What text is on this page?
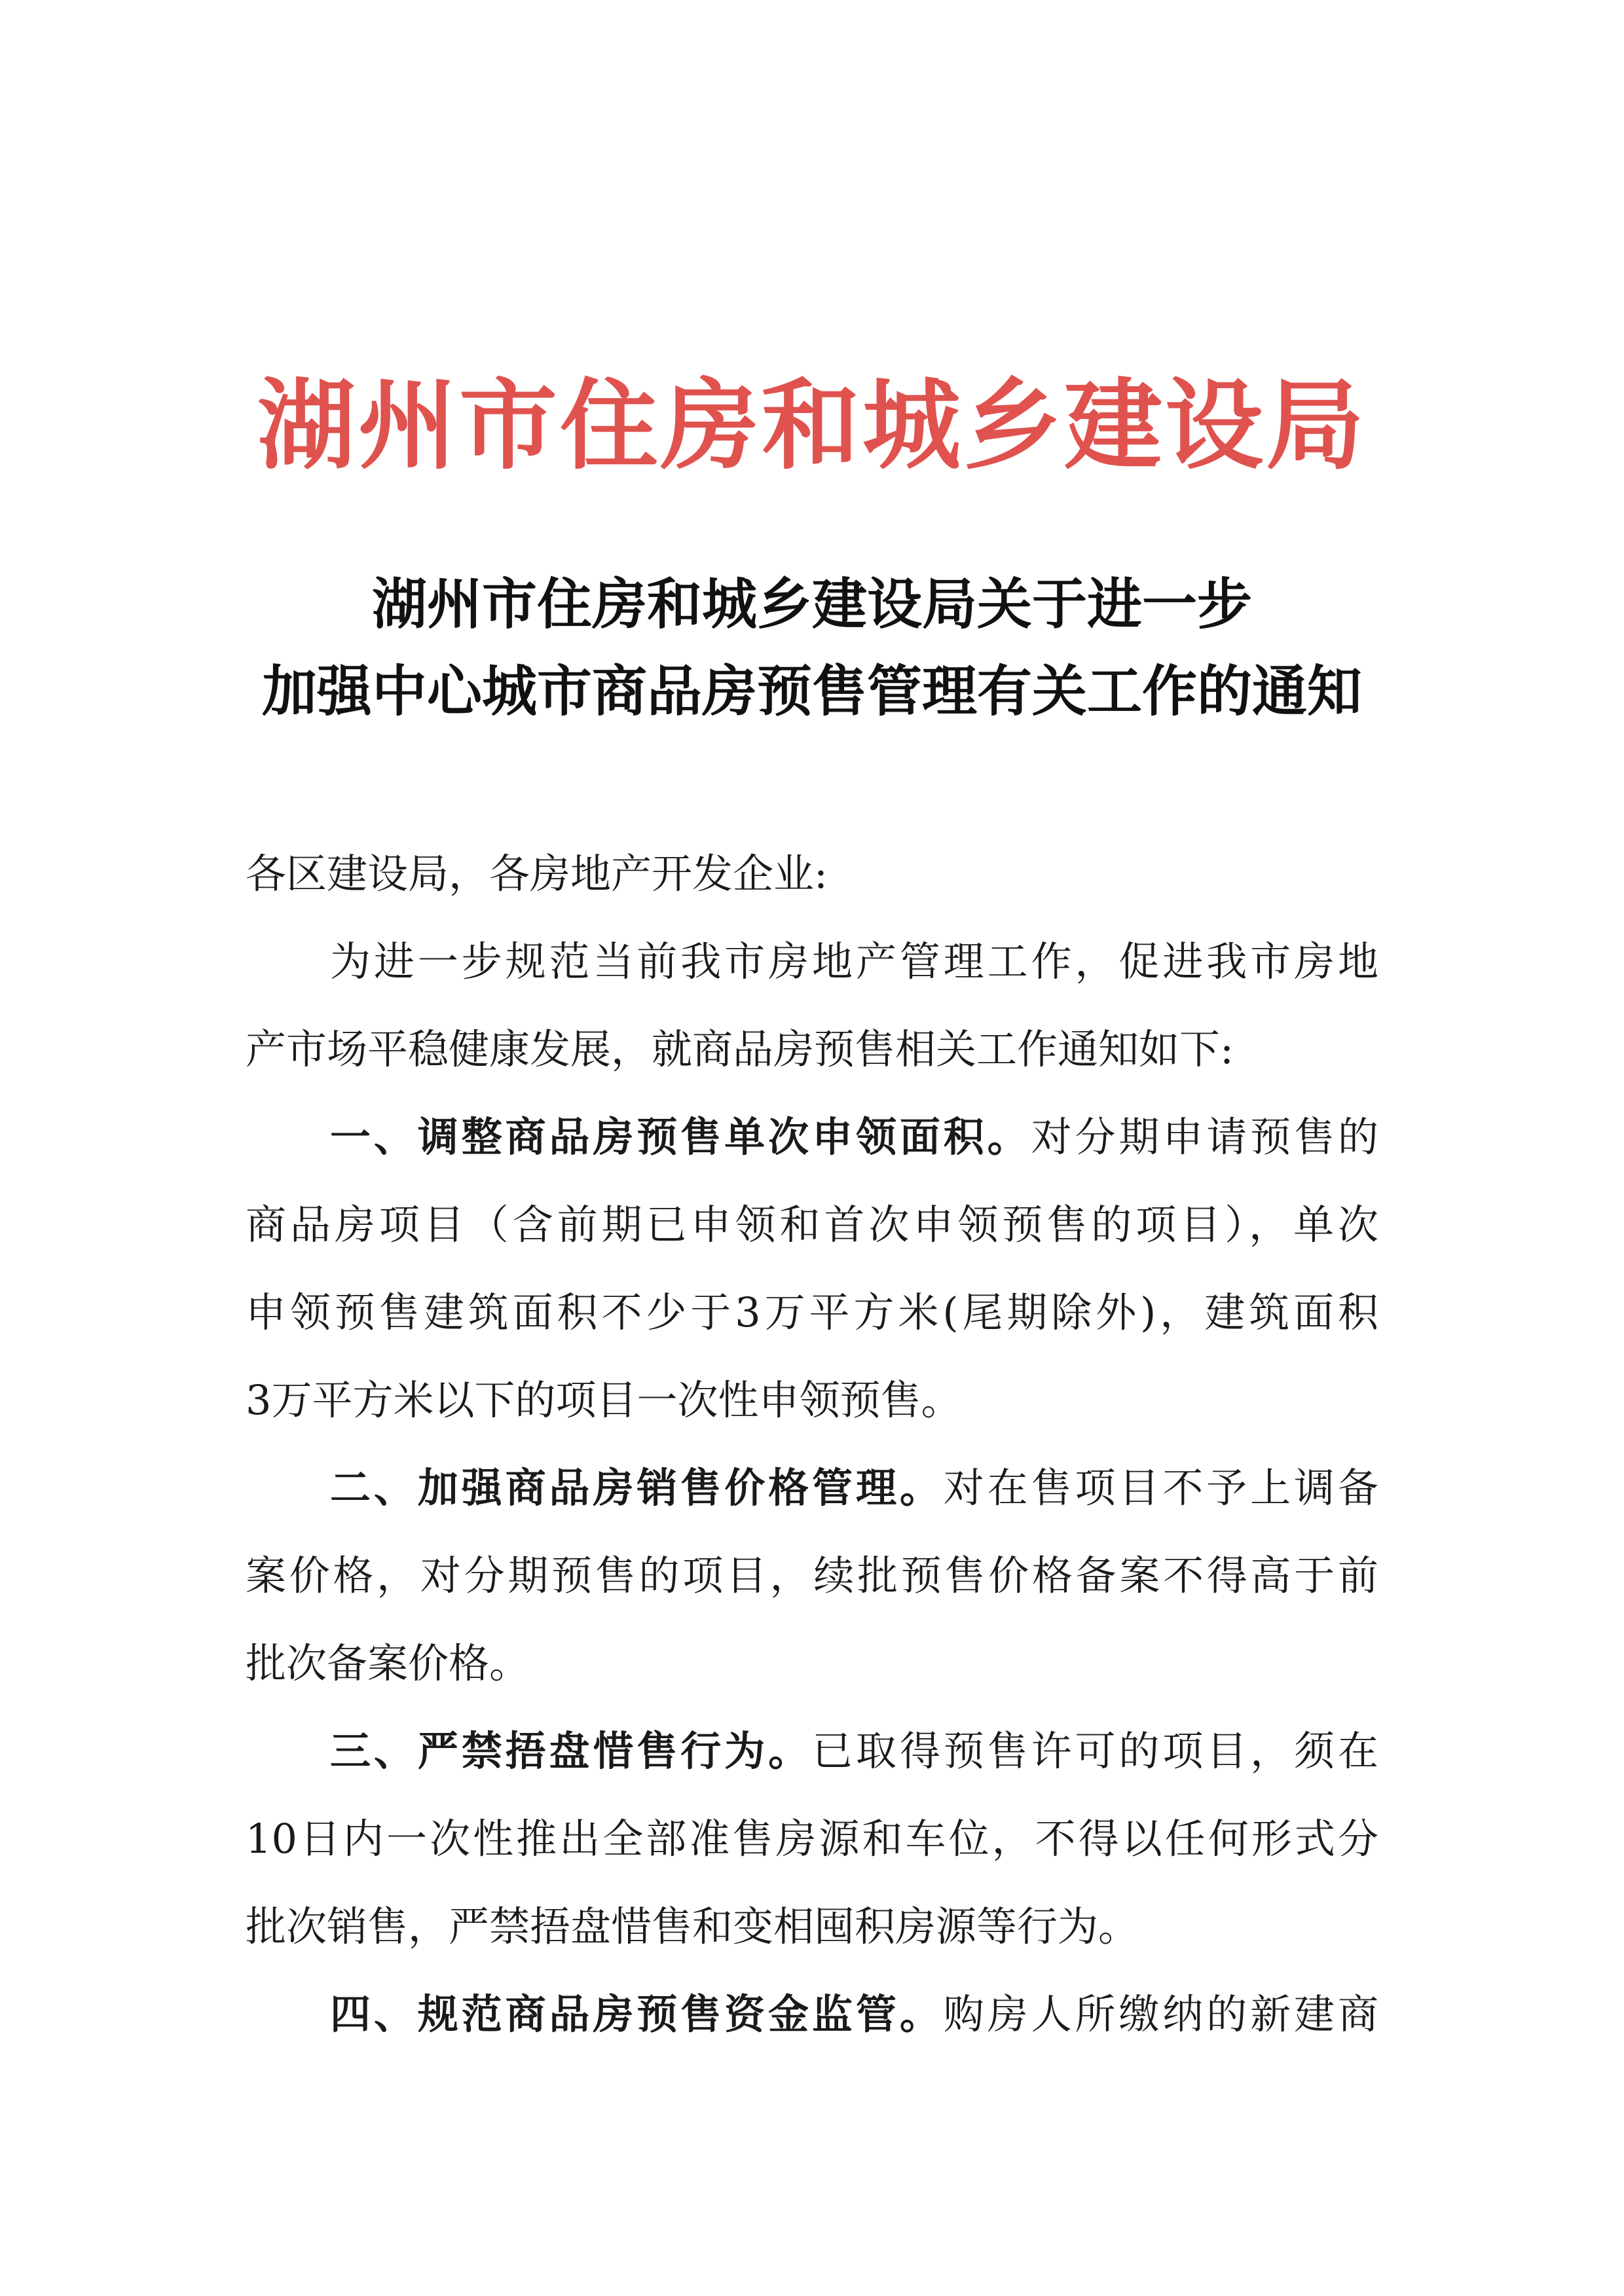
湖州市住房和城乡建设局
湖州市住房和城乡建设局关于进一步
加强中心城市商品房预售管理有关工作的通知
各区建设局，各房地产开发企业:
为进一步规范当前我市房地产管理工作，促进我市房地
产市场平稳健康发展，就商品房预售相关工作通知如下:
一、调整商品房预售单次申领面积。对分期申请预售的
商品房项目（含前期已申领和首次申领预售的项目），单次
申领预售建筑面积不少于3万平方米(尾期除外)，建筑面积
3万平方米以下的项目一次性申领预售。
二、加强商品房销售价格管理。对在售项目不予上调备
案价格，对分期预售的项目，续批预售价格备案不得高于前
批次备案价格。
三、严禁捂盘惜售行为。已取得预售许可的项目，须在
10日内一次性推出全部准售房源和车位，不得以任何形式分
批次销售，严禁捂盘惜售和变相囤积房源等行为。
四、规范商品房预售资金监管。购房人所缴纳的新建商
